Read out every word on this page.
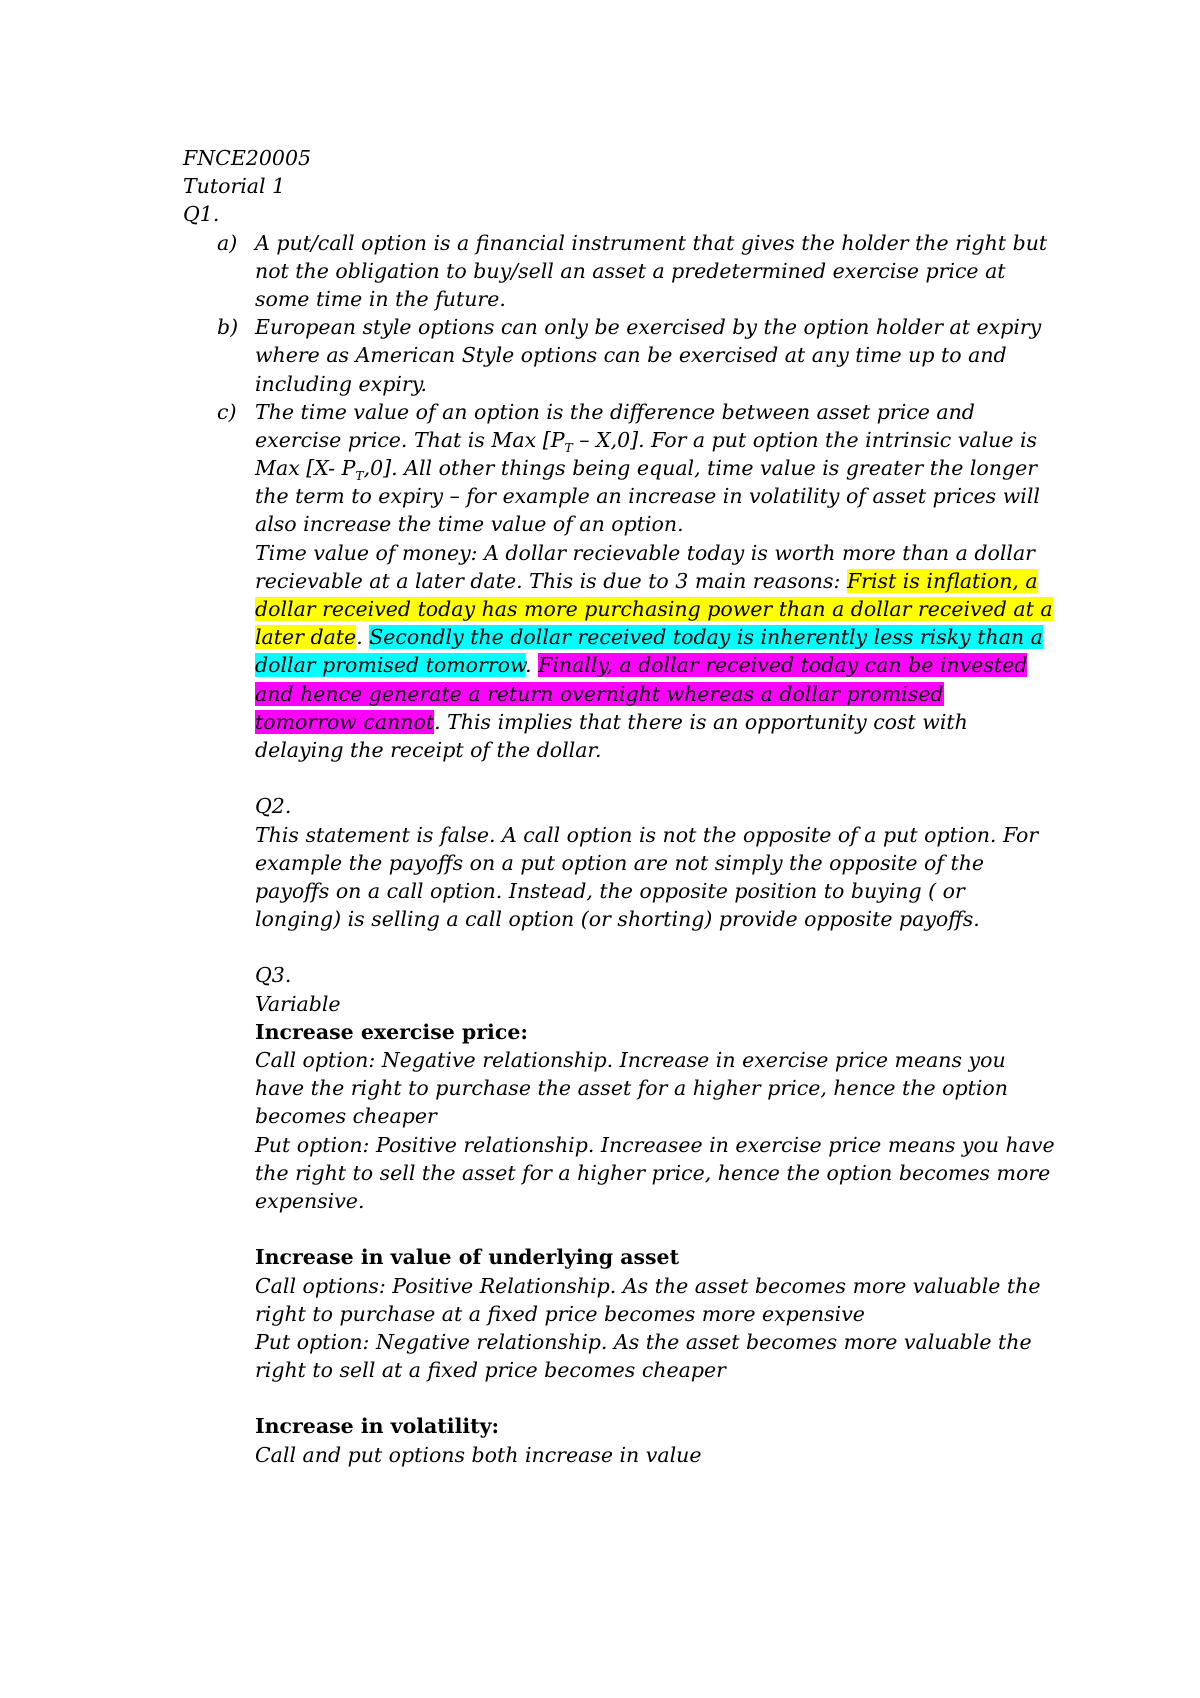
FNCE20005
Tutorial 1
Q1.
a) A put/call option is a financial instrument that gives the holder the right but
not the obligation to buy/sell an asset a predetermined exercise price at
some time in the future.
b) European style options can only be exercised by the option holder at expiry
where as American Style options can be exercised at any time up to and
including expiry.
c) The time value of an option is the difference between asset price and
exercise price. That is Max $[P_T - X,0]$. For a put option the intrinsic value is
Max [X- $P_T,0$]. All other things being equal, time value is greater the longer
the term to expiry – for example an increase in volatility of asset prices will
also increase the time value of an option.
Time value of money: A dollar recievable today is worth more than a dollar
recievable at a later date. This is due to 3 main reasons: Frist is inflation, a
dollar received today has more purchasing power than a dollar received at a
later date. Secondly the dollar received today is inherently less risky than a
dollar promised tomorrow. Finally, a dollar received today can be invested
and hence generate a return overnight whereas a dollar promised
tomorrow cannot. This implies that there is an opportunity cost with
delaying the receipt of the dollar.
Q2.
This statement is false. A call option is not the opposite of a put option. For
example the payoffs on a put option are not simply the opposite of the
payoffs on a call option. Instead, the opposite position to buying ( or
longing) is selling a call option (or shorting) provide opposite payoffs.
Q3.
Variable
Increase exercise price:
Call option: Negative relationship. Increase in exercise price means you
have the right to purchase the asset for a higher price, hence the option
becomes cheaper
Put option: Positive relationship. Increasee in exercise price means you have
the right to sell the asset for a higher price, hence the option becomes more
expensive.
Increase in value of underlying asset
Call options: Positive Relationship. As the asset becomes more valuable the
right to purchase at a fixed price becomes more expensive
Put option: Negative relationship. As the asset becomes more valuable the
right to sell at a fixed price becomes cheaper
Increase in volatility:
Call and put options both increase in value
